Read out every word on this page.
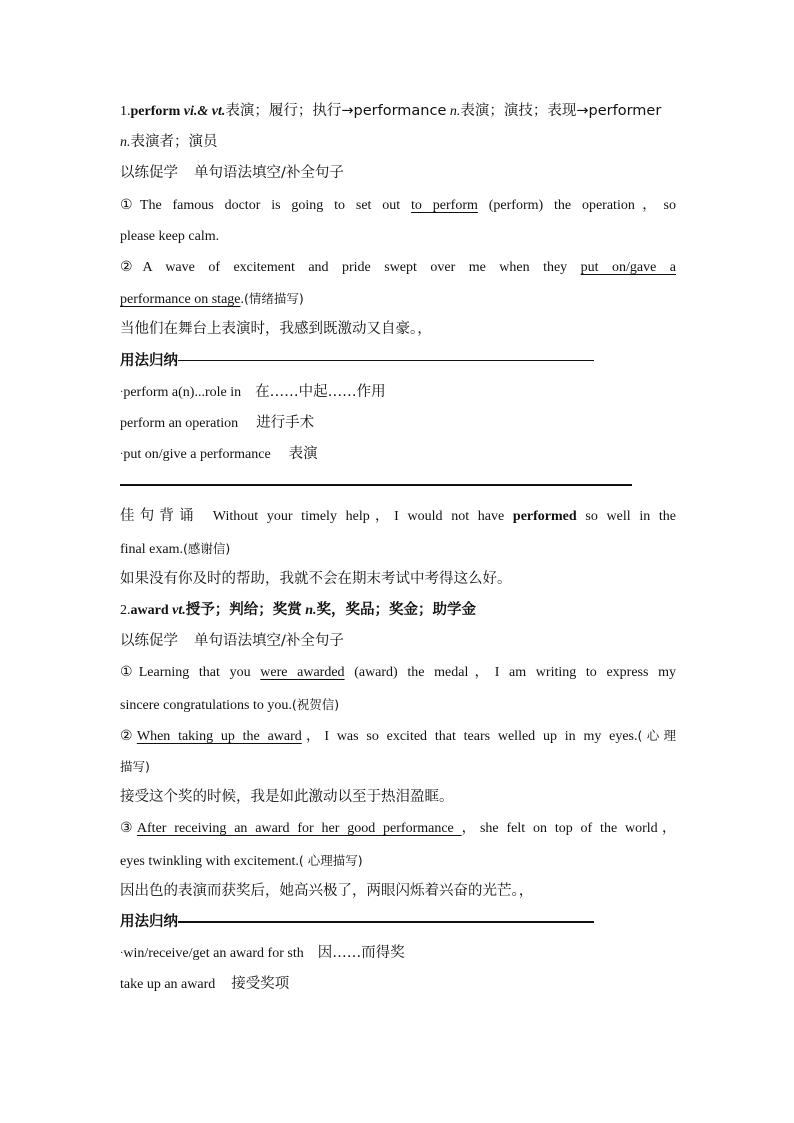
1.perform vi.& vt.表演；履行；执行→performance n.表演；演技；表现→performer
n.表演者；演员
以练促学 单句语法填空/补全句子
①The famous doctor is going to set out to perform (perform) the operation，so
please keep calm.
②A wave of excitement and pride swept over me when they put on/gave a
performance on stage.(情绪描写)
当他们在舞台上表演时，我感到既激动又自豪。，
用法归纳
·perform a(n)...role in 在……中起……作用
perform an operation 进行手术
·put on/give a performance 表演
佳句背诵 Without your timely help，I would not have performed so well in the
final exam.(感谢信)
如果没有你及时的帮助，我就不会在期末考试中考得这么好。
2.award vt.授予；判给；奖赏 n.奖，奖品；奖金；助学金
以练促学 单句语法填空/补全句子
①Learning that you were awarded (award) the medal，I am writing to express my
sincere congratulations to you.(祝贺信)
②When taking up the award，I was so excited that tears welled up in my eyes.(心理
描写)
接受这个奖的时候，我是如此激动以至于热泪盈眶。
③After receiving an award for her good performance ，she felt on top of the world，
eyes twinkling with excitement.( 心理描写)
因出色的表演而获奖后，她高兴极了，两眼闪烁着兴奋的光芒。，
用法归纳
·win/receive/get an award for sth 因……而得奖
take up an award 接受奖项
